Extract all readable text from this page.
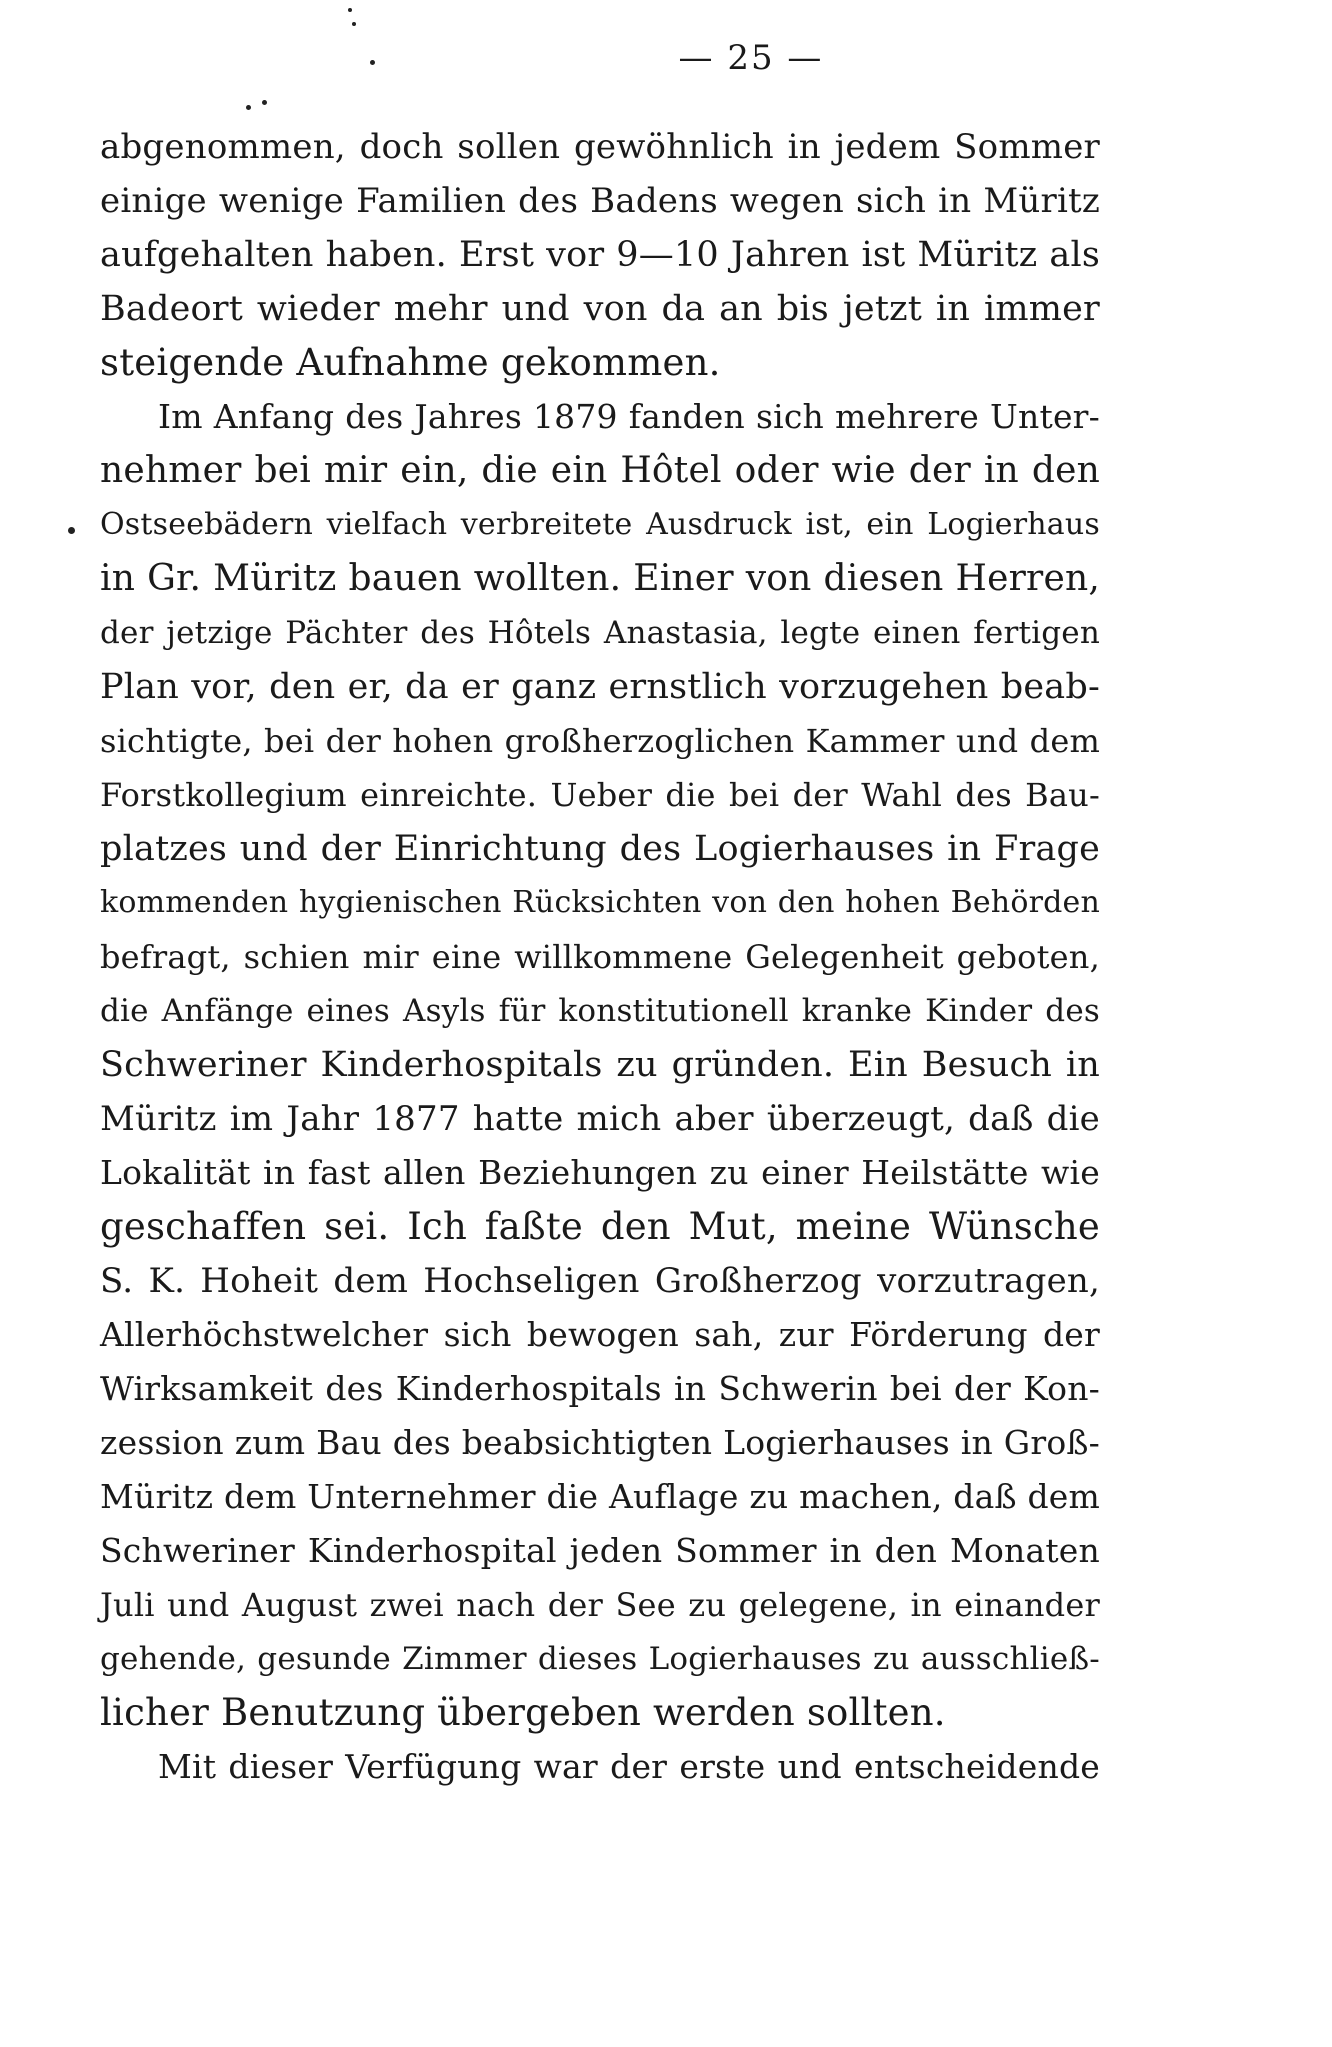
— 25 —
abgenommen, doch sollen gewöhnlich in jedem Sommer
einige wenige Familien des Badens wegen sich in Müritz
aufgehalten haben. Erst vor 9—10 Jahren ist Müritz als
Badeort wieder mehr und von da an bis jetzt in immer
steigende Aufnahme gekommen.
Im Anfang des Jahres 1879 fanden sich mehrere Unter-
nehmer bei mir ein, die ein Hôtel oder wie der in den
Ostseebädern vielfach verbreitete Ausdruck ist, ein Logierhaus
in Gr. Müritz bauen wollten. Einer von diesen Herren,
der jetzige Pächter des Hôtels Anastasia, legte einen fertigen
Plan vor, den er, da er ganz ernstlich vorzugehen beab-
sichtigte, bei der hohen großherzoglichen Kammer und dem
Forstkollegium einreichte. Ueber die bei der Wahl des Bau-
platzes und der Einrichtung des Logierhauses in Frage
kommenden hygienischen Rücksichten von den hohen Behörden
befragt, schien mir eine willkommene Gelegenheit geboten,
die Anfänge eines Asyls für konstitutionell kranke Kinder des
Schweriner Kinderhospitals zu gründen. Ein Besuch in
Müritz im Jahr 1877 hatte mich aber überzeugt, daß die
Lokalität in fast allen Beziehungen zu einer Heilstätte wie
geschaffen sei. Ich faßte den Mut, meine Wünsche
S. K. Hoheit dem Hochseligen Großherzog vorzutragen,
Allerhöchstwelcher sich bewogen sah, zur Förderung der
Wirksamkeit des Kinderhospitals in Schwerin bei der Kon-
zession zum Bau des beabsichtigten Logierhauses in Groß-
Müritz dem Unternehmer die Auflage zu machen, daß dem
Schweriner Kinderhospital jeden Sommer in den Monaten
Juli und August zwei nach der See zu gelegene, in einander
gehende, gesunde Zimmer dieses Logierhauses zu ausschließ-
licher Benutzung übergeben werden sollten.
Mit dieser Verfügung war der erste und entscheidende
